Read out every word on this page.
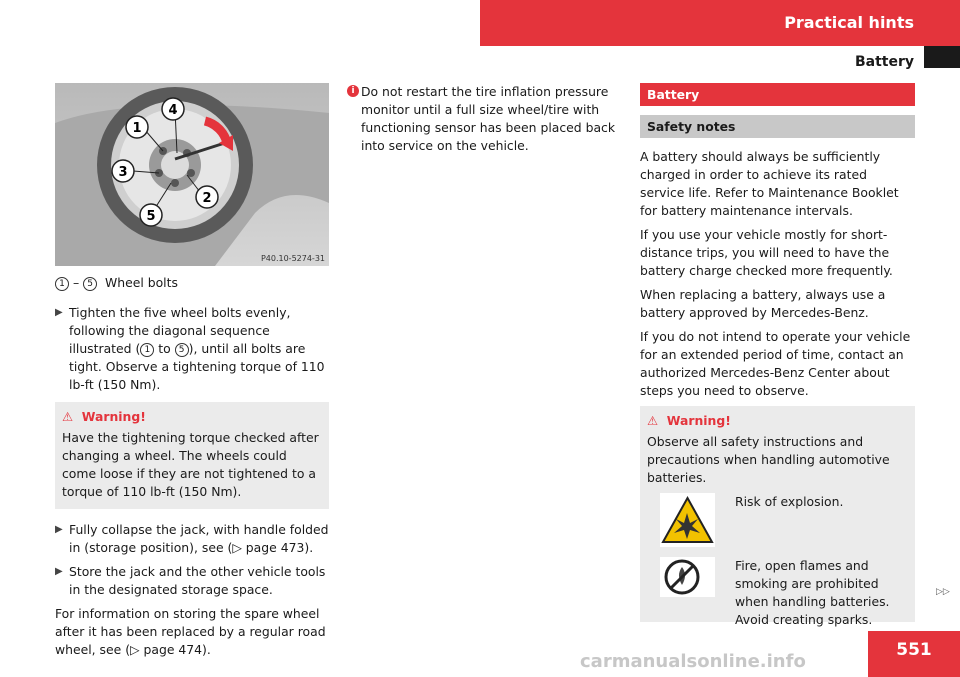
Practical hints
Battery
1
2
3
4
5
P40.10-5274-31

1 – 5 Wheel bolts

▶ Tighten the five wheel bolts evenly, following the diagonal sequence illustrated ( 1 to 5 ), until all bolts are tight. Observe a tightening torque of 110 lb-ft (150 Nm).
⚠ Warning!

Have the tightening torque checked after changing a wheel. The wheels could come loose if they are not tightened to a torque of 110 lb-ft (150 Nm).

▶ Fully collapse the jack, with handle folded in (storage position), see (▷ page 473).
▶ Store the jack and the other vehicle tools in the designated storage space.

For information on storing the spare wheel after it has been replaced by a regular road wheel, see (▷ page 474).

i Do not restart the tire inflation pressure monitor until a full size wheel/tire with functioning sensor has been placed back into service on the vehicle.
Battery
Safety notes

A battery should always be sufficiently charged in order to achieve its rated service life. Refer to Maintenance Booklet for battery maintenance intervals.

If you use your vehicle mostly for short-distance trips, you will need to have the battery charge checked more frequently.

When replacing a battery, always use a battery approved by Mercedes-Benz.

If you do not intend to operate your vehicle for an extended period of time, contact an authorized Mercedes-Benz Center about steps you need to observe.

⚠ Warning!

Observe all safety instructions and precautions when handling automotive batteries.

Risk of explosion.
Fire, open flames and smoking are prohibited when handling batteries. Avoid creating sparks.
▷▷
551
carmanualsonline.info
